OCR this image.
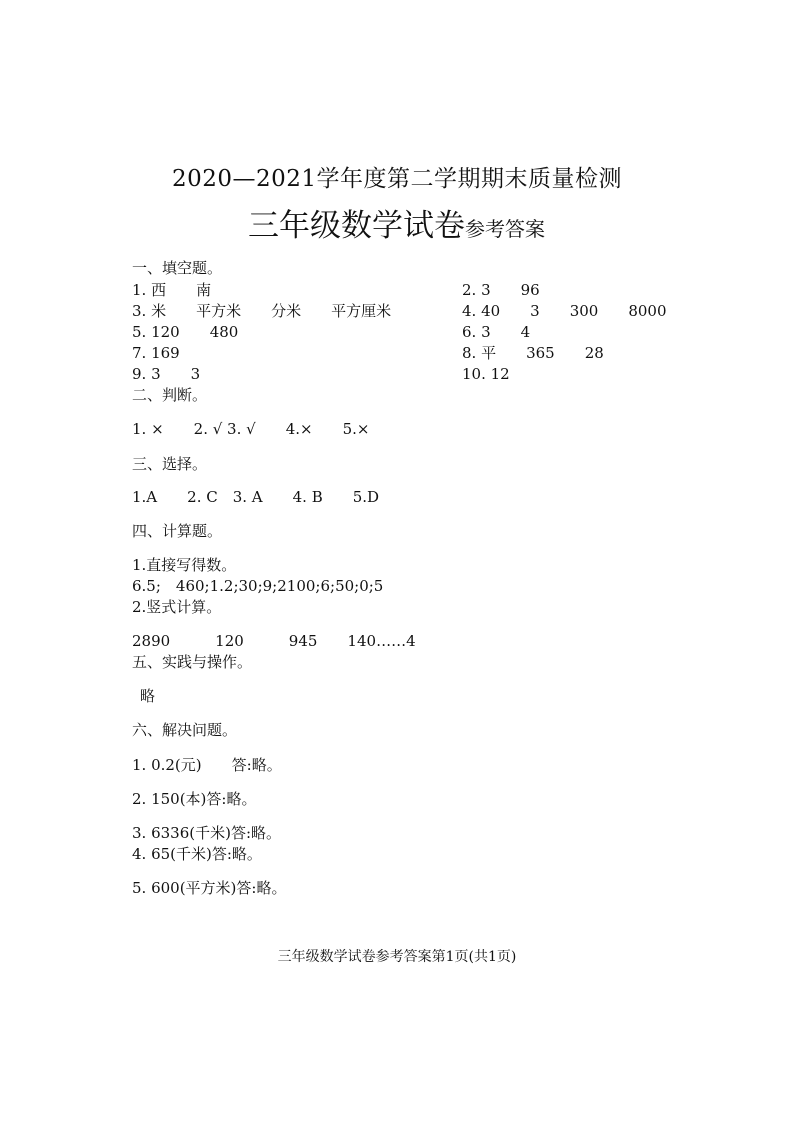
2020—2021学年度第二学期期末质量检测
三年级数学试卷参考答案
一、填空题。
1. 西　　南	2. 3　　96
3. 米　　平方米　　分米　　平方厘米	4. 40　　3　　300　　8000
5. 120　　480	6. 3　　4
7. 169	8. 平　　365　　28
9. 3　　3	10. 12
二、判断。
1. ×　　2. √ 3. √　　4.×　　5.×
三、选择。
1.A　　2. C　3. A　　4. B　　5.D
四、计算题。
1.直接写得数。
6.5;　460;1.2;30;9;2100;6;50;0;5
2.竖式计算。
2890　　　120　　　945　　140……4
五、实践与操作。
略
六、解决问题。
1. 0.2(元)　　答:略。
2. 150(本)答:略。
3. 6336(千米)答:略。
4. 65(千米)答:略。
5. 600(平方米)答:略。
三年级数学试卷参考答案第1页(共1页)
